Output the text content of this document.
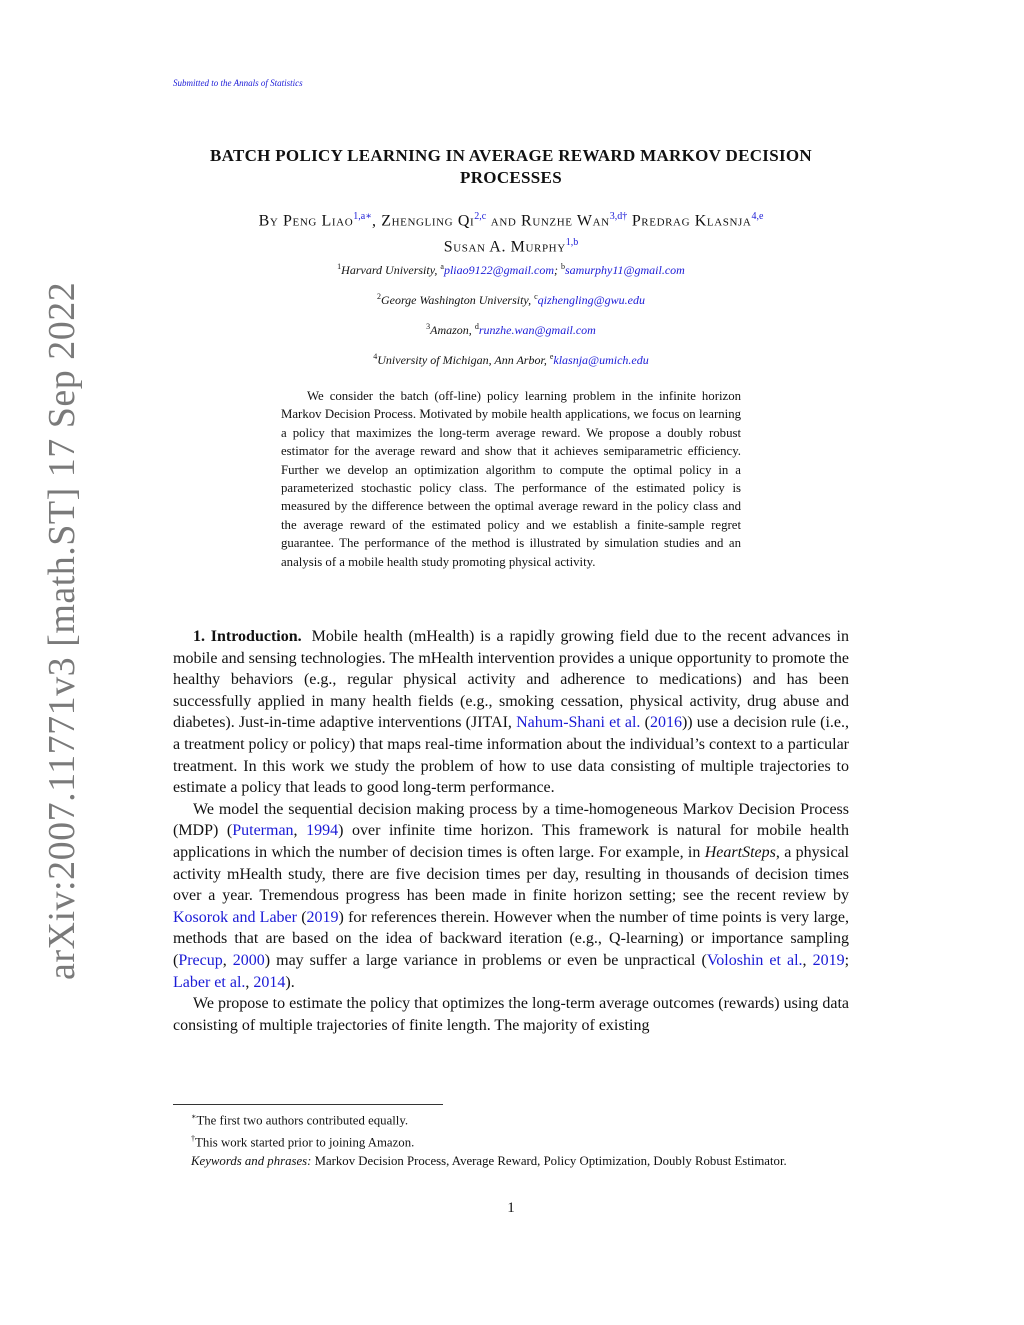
Submitted to the Annals of Statistics
arXiv:2007.11771v3 [math.ST] 17 Sep 2022
BATCH POLICY LEARNING IN AVERAGE REWARD MARKOV DECISION
PROCESSES
By Peng Liao$^{1,a∗}$, Zhengling Qi$^{2,c}$ and Runzhe Wan$^{3,d\dagger}$ Predrag Klasnja$^{4,e}$
Susan A. Murphy$^{1,b}$
$^1$Harvard University, $^a$pliao9122@gmail.com; $^b$samurphy11@gmail.com
$^2$George Washington University, $^c$qizhengling@gwu.edu
$^3$Amazon, $^d$runzhe.wan@gmail.com
$^4$University of Michigan, Ann Arbor, $^e$klasnja@umich.edu

We consider the batch (off-line) policy learning problem in the infinite horizon Markov Decision Process. Motivated by mobile health applications, we focus on learning a policy that maximizes the long-term average reward. We propose a doubly robust estimator for the average reward and show that it achieves semiparametric efficiency. Further we develop an optimization algorithm to compute the optimal policy in a parameterized stochastic policy class. The performance of the estimated policy is measured by the difference between the optimal average reward in the policy class and the average reward of the estimated policy and we establish a finite-sample regret guarantee. The performance of the method is illustrated by simulation studies and an analysis of a mobile health study promoting physical activity.

1. Introduction. Mobile health (mHealth) is a rapidly growing field due to the recent advances in mobile and sensing technologies. The mHealth intervention provides a unique opportunity to promote the healthy behaviors (e.g., regular physical activity and adherence to medications) and has been successfully applied in many health fields (e.g., smoking cessation, physical activity, drug abuse and diabetes). Just-in-time adaptive interventions (JITAI, Nahum-Shani et al. (2016)) use a decision rule (i.e., a treatment policy or policy) that maps real-time information about the individual’s context to a particular treatment. In this work we study the problem of how to use data consisting of multiple trajectories to estimate a policy that leads to good long-term performance.

We model the sequential decision making process by a time-homogeneous Markov Decision Process (MDP) (Puterman, 1994) over infinite time horizon. This framework is natural for mobile health applications in which the number of decision times is often large. For example, in HeartSteps, a physical activity mHealth study, there are five decision times per day, resulting in thousands of decision times over a year. Tremendous progress has been made in finite horizon setting; see the recent review by Kosorok and Laber (2019) for references therein. However when the number of time points is very large, methods that are based on the idea of backward iteration (e.g., Q-learning) or importance sampling (Precup, 2000) may suffer a large variance in problems or even be unpractical (Voloshin et al., 2019; Laber et al., 2014).

We propose to estimate the policy that optimizes the long-term average outcomes (rewards) using data consisting of multiple trajectories of finite length. The majority of existing

∗The first two authors contributed equally.
†This work started prior to joining Amazon.
Keywords and phrases: Markov Decision Process, Average Reward, Policy Optimization, Doubly Robust Estimator.
1
